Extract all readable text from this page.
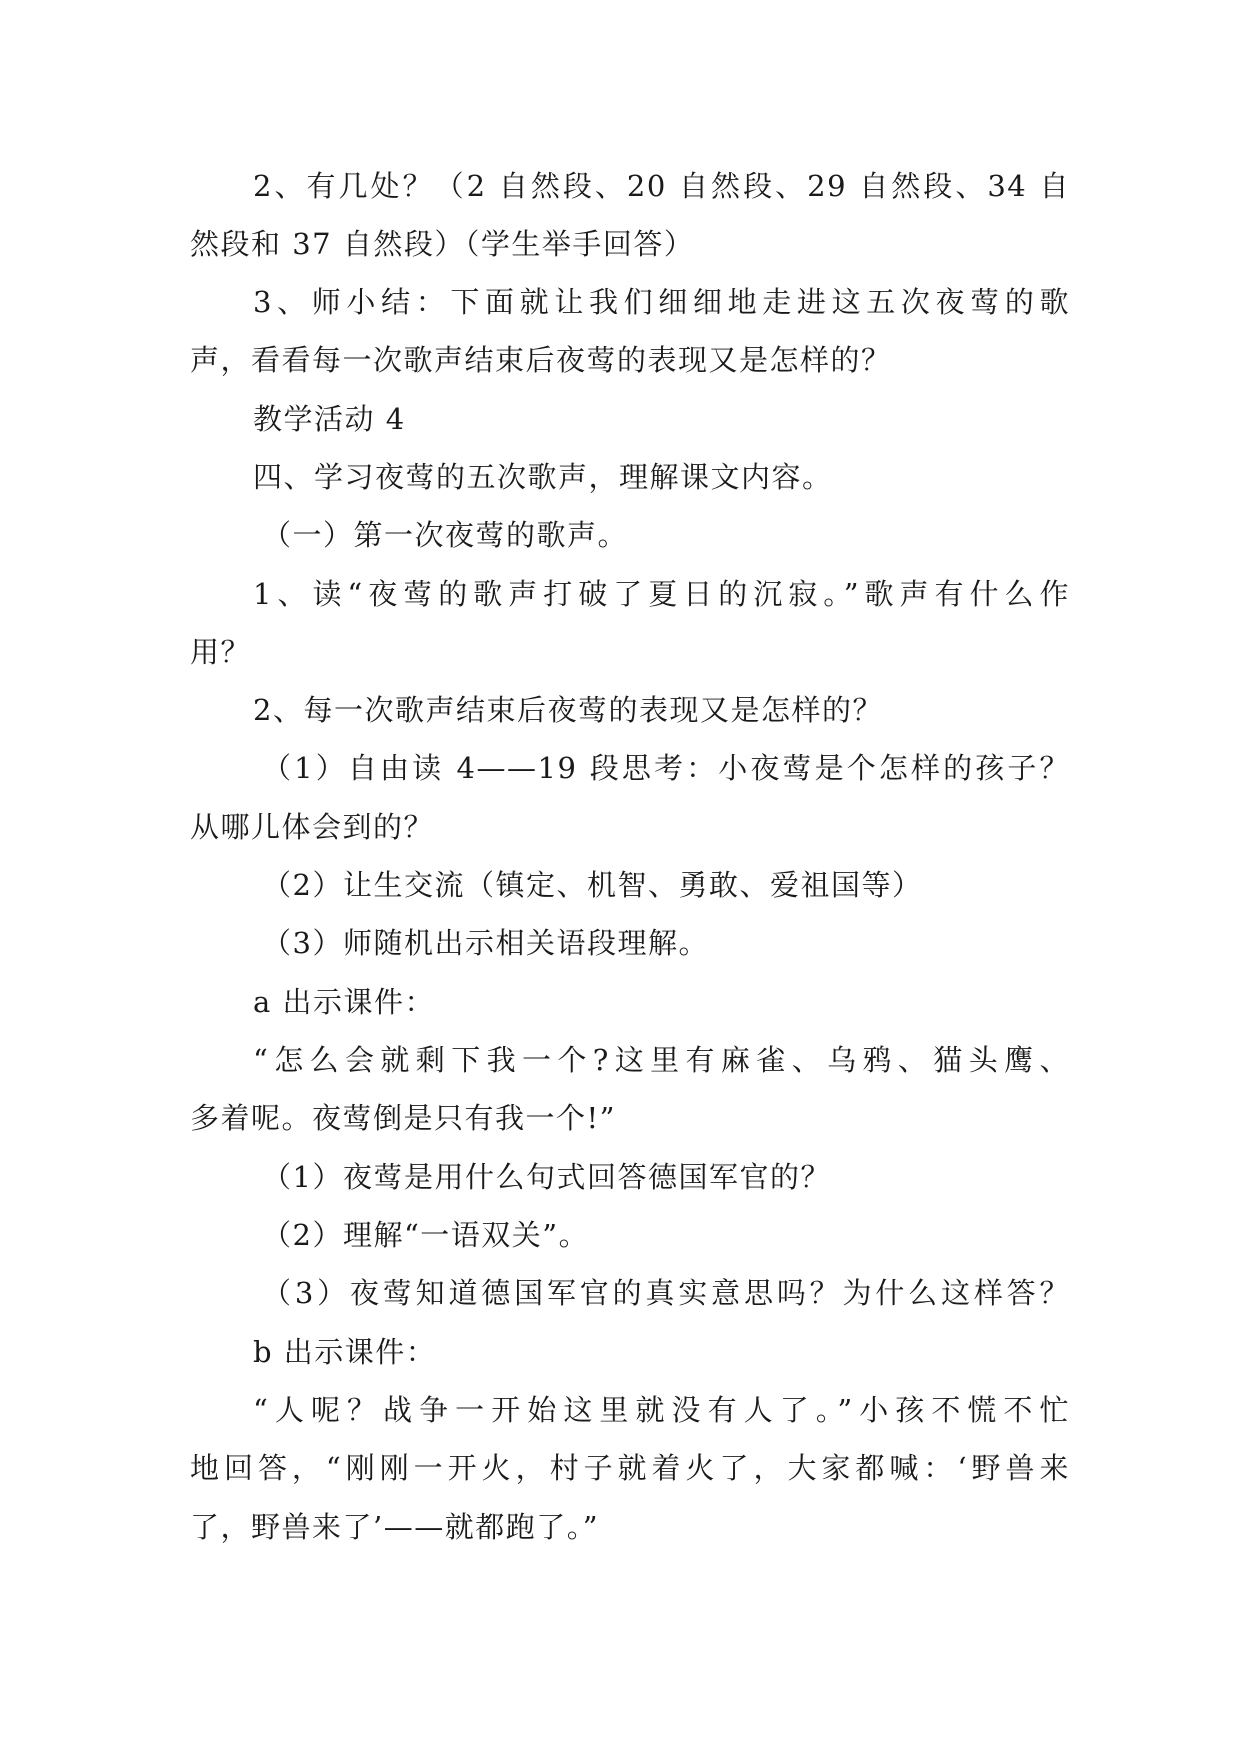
2、有几处？（2 自然段、20 自然段、29 自然段、34 自
然段和 37 自然段）（学生举手回答）
3、师小结：下面就让我们细细地走进这五次夜莺的歌
声，看看每一次歌声结束后夜莺的表现又是怎样的？
教学活动 4
四、学习夜莺的五次歌声，理解课文内容。
（一）第一次夜莺的歌声。
1、读“夜莺的歌声打破了夏日的沉寂。”歌声有什么作
用？
2、每一次歌声结束后夜莺的表现又是怎样的？
（1）自由读 4——19 段思考：小夜莺是个怎样的孩子？
从哪儿体会到的？
（2）让生交流（镇定、机智、勇敢、爱祖国等）
（3）师随机出示相关语段理解。
a 出示课件：
“怎么会就剩下我一个?这里有麻雀、乌鸦、猫头鹰、
多着呢。夜莺倒是只有我一个!”
（1）夜莺是用什么句式回答德国军官的？
（2）理解“一语双关”。
（3）夜莺知道德国军官的真实意思吗？为什么这样答？
b 出示课件：
“人呢？战争一开始这里就没有人了。”小孩不慌不忙
地回答，“刚刚一开火，村子就着火了，大家都喊：‘野兽来
了，野兽来了’——就都跑了。”
